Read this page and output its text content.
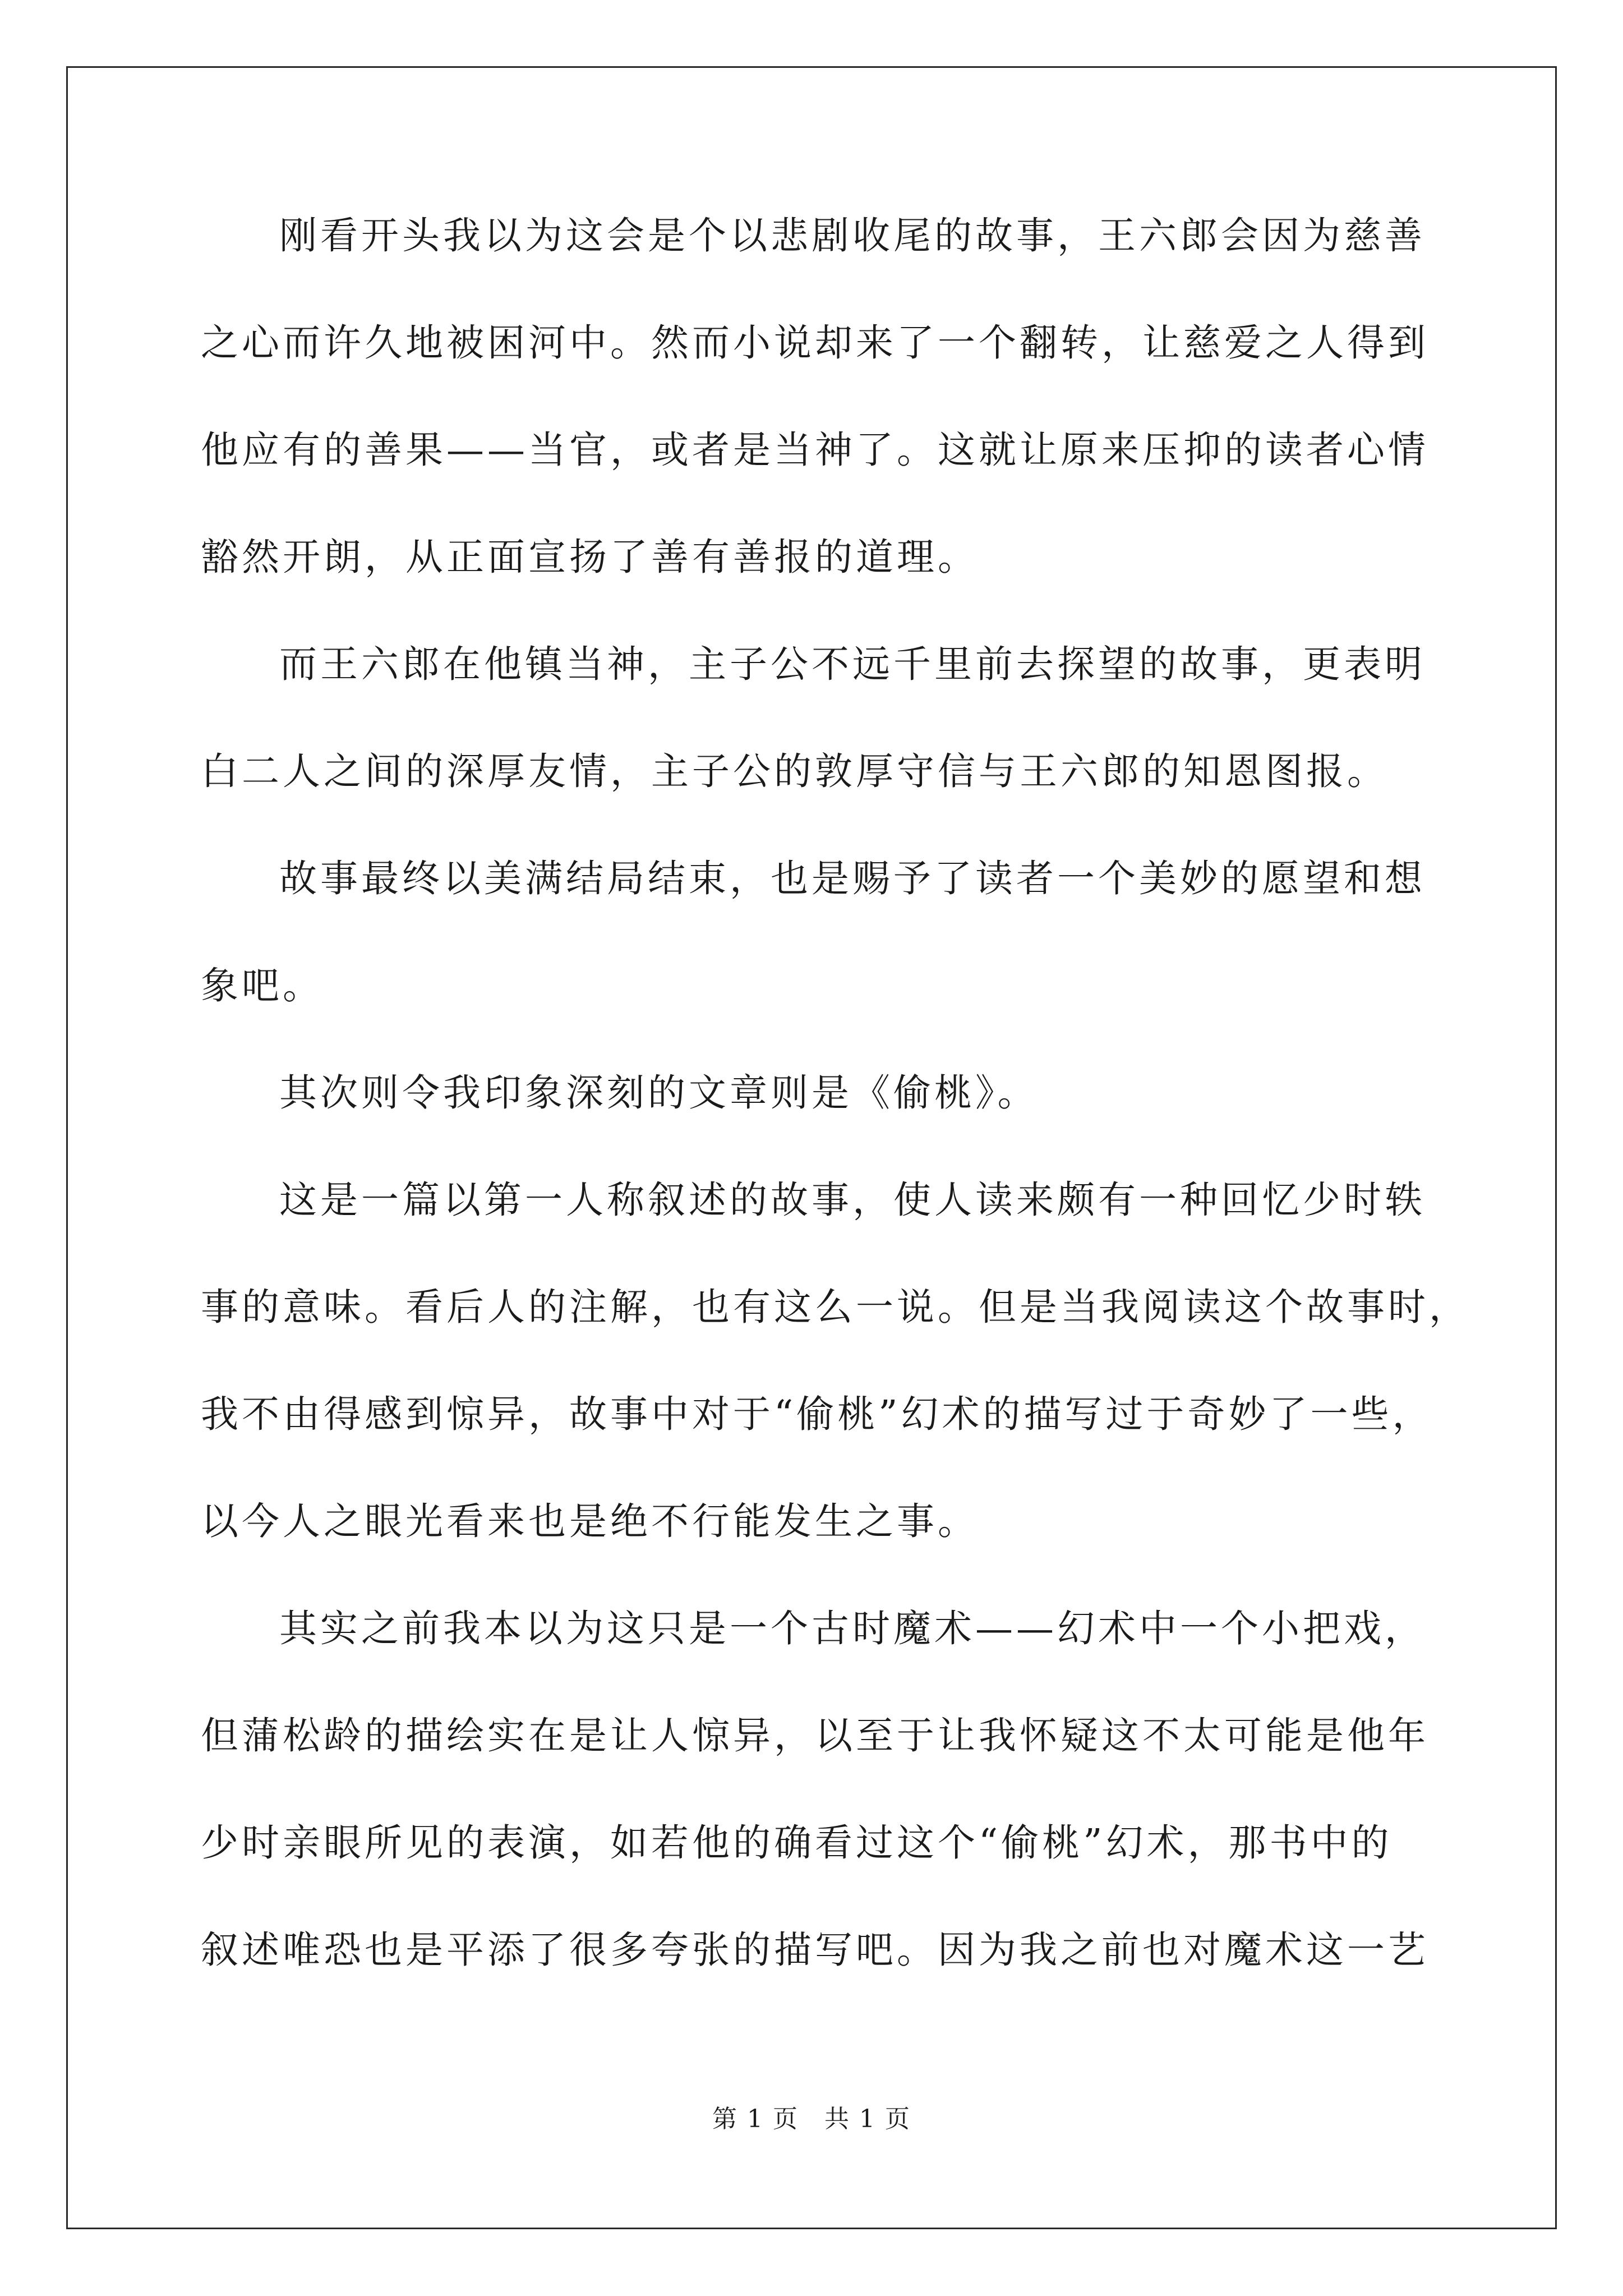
刚看开头我以为这会是个以悲剧收尾的故事，王六郎会因为慈善
之心而许久地被困河中。然而小说却来了一个翻转，让慈爱之人得到
他应有的善果——当官，或者是当神了。这就让原来压抑的读者心情
豁然开朗，从正面宣扬了善有善报的道理。
而王六郎在他镇当神，主子公不远千里前去探望的故事，更表明
白二人之间的深厚友情，主子公的敦厚守信与王六郎的知恩图报。
故事最终以美满结局结束，也是赐予了读者一个美妙的愿望和想
象吧。
其次则令我印象深刻的文章则是《偷桃》。
这是一篇以第一人称叙述的故事，使人读来颇有一种回忆少时轶
事的意味。看后人的注解，也有这么一说。但是当我阅读这个故事时，
我不由得感到惊异，故事中对于“偷桃”幻术的描写过于奇妙了一些，
以今人之眼光看来也是绝不行能发生之事。
其实之前我本以为这只是一个古时魔术——幻术中一个小把戏，
但蒲松龄的描绘实在是让人惊异，以至于让我怀疑这不太可能是他年
少时亲眼所见的表演，如若他的确看过这个“偷桃”幻术，那书中的
叙述唯恐也是平添了很多夸张的描写吧。因为我之前也对魔术这一艺
第 1 页　共 1 页
